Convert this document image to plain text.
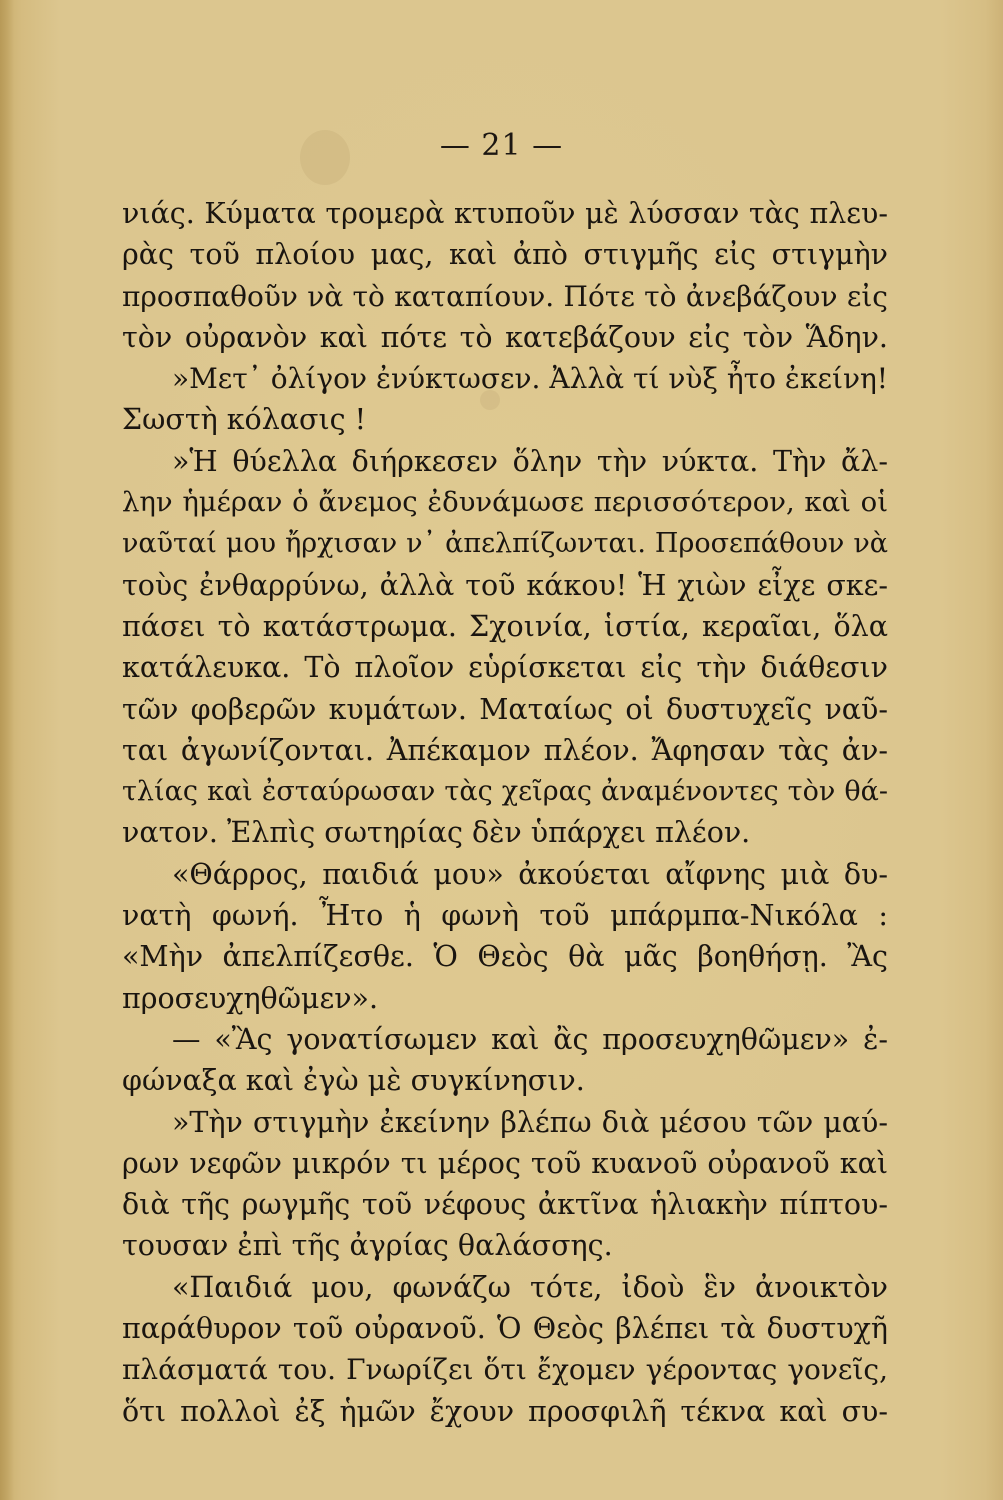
— 21 —
νιάς. Κύματα τρομερὰ κτυποῦν μὲ λύσσαν τὰς πλευ-
ρὰς τοῦ πλοίου μας, καὶ ἀπὸ στιγμῆς εἰς στιγμὴν
προσπαθοῦν νὰ τὸ καταπίουν. Πότε τὸ ἀνεβάζουν εἰς
τὸν οὐρανὸν καὶ πότε τὸ κατεβάζουν εἰς τὸν Ἅδην.
»Μετ᾿ ὀλίγον ἐνύκτωσεν. Ἀλλὰ τί νὺξ ἦτο ἐκείνη!
Σωστὴ κόλασις !
»Ἡ θύελλα διήρκεσεν ὅλην τὴν νύκτα. Τὴν ἄλ-
λην ἡμέραν ὁ ἄνεμος ἐδυνάμωσε περισσότερον, καὶ οἱ
ναῦταί μου ἤρχισαν ν᾿ ἀπελπίζωνται. Προσεπάθουν νὰ
τοὺς ἐνθαρρύνω, ἀλλὰ τοῦ κάκου! Ἡ χιὼν εἶχε σκε-
πάσει τὸ κατάστρωμα. Σχοινία, ἱστία, κεραῖαι, ὅλα
κατάλευκα. Τὸ πλοῖον εὑρίσκεται εἰς τὴν διάθεσιν
τῶν φοβερῶν κυμάτων. Ματαίως οἱ δυστυχεῖς ναῦ-
ται ἀγωνίζονται. Ἀπέκαμον πλέον. Ἄφησαν τὰς ἀν-
τλίας καὶ ἐσταύρωσαν τὰς χεῖρας ἀναμένοντες τὸν θά-
νατον. Ἐλπὶς σωτηρίας δὲν ὑπάρχει πλέον.
«Θάρρος, παιδιά μου» ἀκούεται αἴφνης μιὰ δυ-
νατὴ φωνή. Ἦτο ἡ φωνὴ τοῦ μπάρμπα-Νικόλα :
«Μὴν ἀπελπίζεσθε. Ὁ Θεὸς θὰ μᾶς βοηθήσῃ. Ἂς
προσευχηθῶμεν».
— «Ἂς γονατίσωμεν καὶ ἂς προσευχηθῶμεν» ἐ-
φώναξα καὶ ἐγὼ μὲ συγκίνησιν.
»Τὴν στιγμὴν ἐκείνην βλέπω διὰ μέσου τῶν μαύ-
ρων νεφῶν μικρόν τι μέρος τοῦ κυανοῦ οὐρανοῦ καὶ
διὰ τῆς ρωγμῆς τοῦ νέφους ἀκτῖνα ἡλιακὴν πίπτου-
τουσαν ἐπὶ τῆς ἀγρίας θαλάσσης.
«Παιδιά μου, φωνάζω τότε, ἰδοὺ ἓν ἀνοικτὸν
παράθυρον τοῦ οὐρανοῦ. Ὁ Θεὸς βλέπει τὰ δυστυχῆ
πλάσματά του. Γνωρίζει ὅτι ἔχομεν γέροντας γονεῖς,
ὅτι πολλοὶ ἐξ ἡμῶν ἔχουν προσφιλῆ τέκνα καὶ συ-
